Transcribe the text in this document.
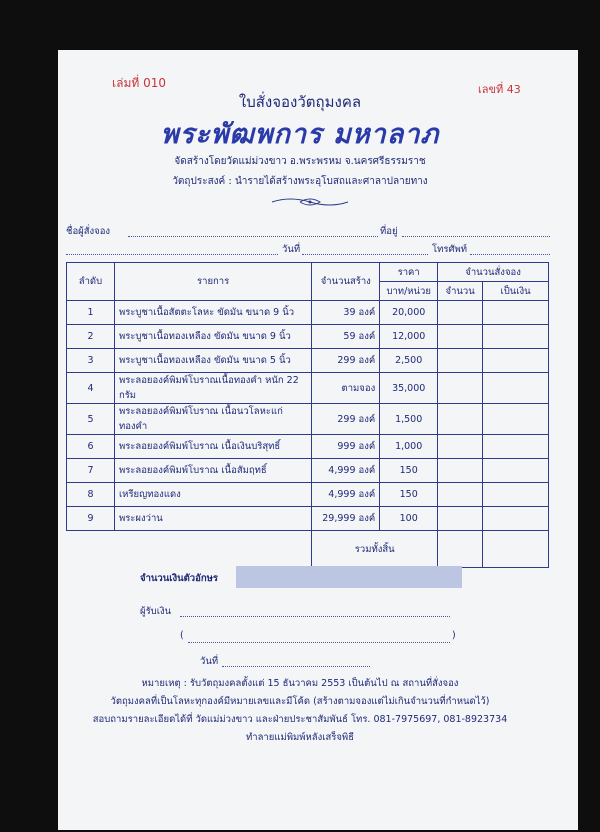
เล่มที่ 010	เลขที่ 43
ใบสั่งจองวัตถุมงคล
พระพัฒพการ มหาลาภ
จัดสร้างโดยวัดแม่ม่วงขาว อ.พระพรหม จ.นครศรีธรรมราช
วัตถุประสงค์ : นำรายได้สร้างพระอุโบสถและศาลาปลายทาง
ชื่อผู้สั่งจอง	ที่อยู่
วันที่	โทรศัพท์
ลำดับ	รายการ	จำนวนสร้าง	ราคา	จำนวนสั่งจอง	
			บาท/หน่วย	จำนวน	เป็นเงิน
1	พระบูชาเนื้อสัตตะโลหะ ขัดมัน ขนาด 9 นิ้ว	39 องค์	20,000		
2	พระบูชาเนื้อทองเหลือง ขัดมัน ขนาด 9 นิ้ว	59 องค์	12,000		
3	พระบูชาเนื้อทองเหลือง ขัดมัน ขนาด 5 นิ้ว	299 องค์	2,500		
4	พระลอยองค์พิมพ์โบราณเนื้อทองคำ หนัก 22 กรัม	ตามจอง	35,000		
5	พระลอยองค์พิมพ์โบราณ เนื้อนวโลหะแก่ทองคำ	299 องค์	1,500		
6	พระลอยองค์พิมพ์โบราณ เนื้อเงินบริสุทธิ์	999 องค์	1,000		
7	พระลอยองค์พิมพ์โบราณ เนื้อสัมฤทธิ์	4,999 องค์	150		
8	เหรียญทองแดง	4,999 องค์	150		
9	พระผงว่าน	29,999 องค์	100		
		รวมทั้งสิ้น			
จำนวนเงินตัวอักษร
ผู้รับเงิน
(	)
วันที่
หมายเหตุ : รับวัตถุมงคลตั้งแต่ 15 ธันวาคม 2553 เป็นต้นไป ณ สถานที่สั่งจอง
วัตถุมงคลที่เป็นโลหะทุกองค์มีหมายเลขและมีโค้ด (สร้างตามจองแต่ไม่เกินจำนวนที่กำหนดไว้)
สอบถามรายละเอียดได้ที่ วัดแม่ม่วงขาว และฝ่ายประชาสัมพันธ์ โทร. 081-7975697, 081-8923734
ทำลายแม่พิมพ์หลังเสร็จพิธี
